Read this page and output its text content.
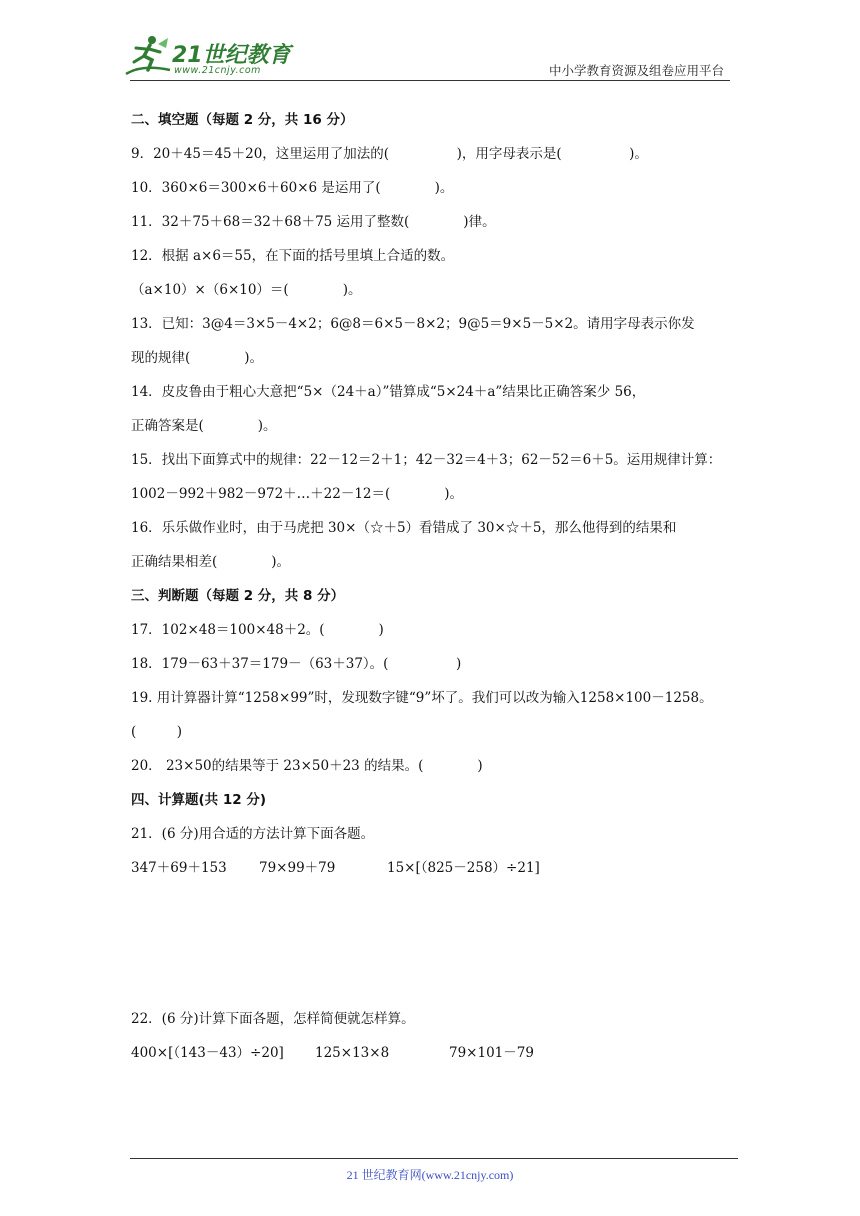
21世纪教育
www.21cnjy.com	中小学教育资源及组卷应用平台
二、填空题（每题 2 分，共 16 分）
9．20＋45＝45＋20，这里运用了加法的(　　　　　)，用字母表示是(　　　　　)。
10．360×6＝300×6＋60×6 是运用了(　　　　)。
11．32＋75＋68＝32＋68＋75 运用了整数(　　　　)律。
12．根据 a×6＝55，在下面的括号里填上合适的数。
（a×10）×（6×10）＝(　　　　)。
13．已知：3@4＝3×5－4×2；6@8＝6×5－8×2；9@5＝9×5－5×2。请用字母表示你发
现的规律(　　　　)。
14．皮皮鲁由于粗心大意把“5×（24＋a）”错算成“5×24＋a”结果比正确答案少 56，
正确答案是(　　　　)。
15．找出下面算式中的规律：22－12＝2＋1；42－32＝4＋3；62－52＝6＋5。运用规律计算：
1002－992＋982－972＋…＋22－12＝(　　　　)。
16．乐乐做作业时，由于马虎把 30×（☆＋5）看错成了 30×☆＋5，那么他得到的结果和
正确结果相差(　　　　)。
三、判断题（每题 2 分，共 8 分）
17．102×48＝100×48＋2。(　　　　)
18．179－63＋37＝179－（63＋37）。(　　　　　)
19. 用计算器计算“1258×99”时，发现数字键“9”坏了。我们可以改为输入1258×100－1258。
(　　　)
20． 23×50的结果等于 23×50＋23 的结果。(　　　　)
四、计算题(共 12 分)
21．(6 分)用合适的方法计算下面各题。
347＋69＋153 79×99＋79	15×[（825－258）÷21]
22．(6 分)计算下面各题，怎样简便就怎样算。
400×[（143－43）÷20] 125×13×8	79×101－79
21 世纪教育网(www.21cnjy.com)
